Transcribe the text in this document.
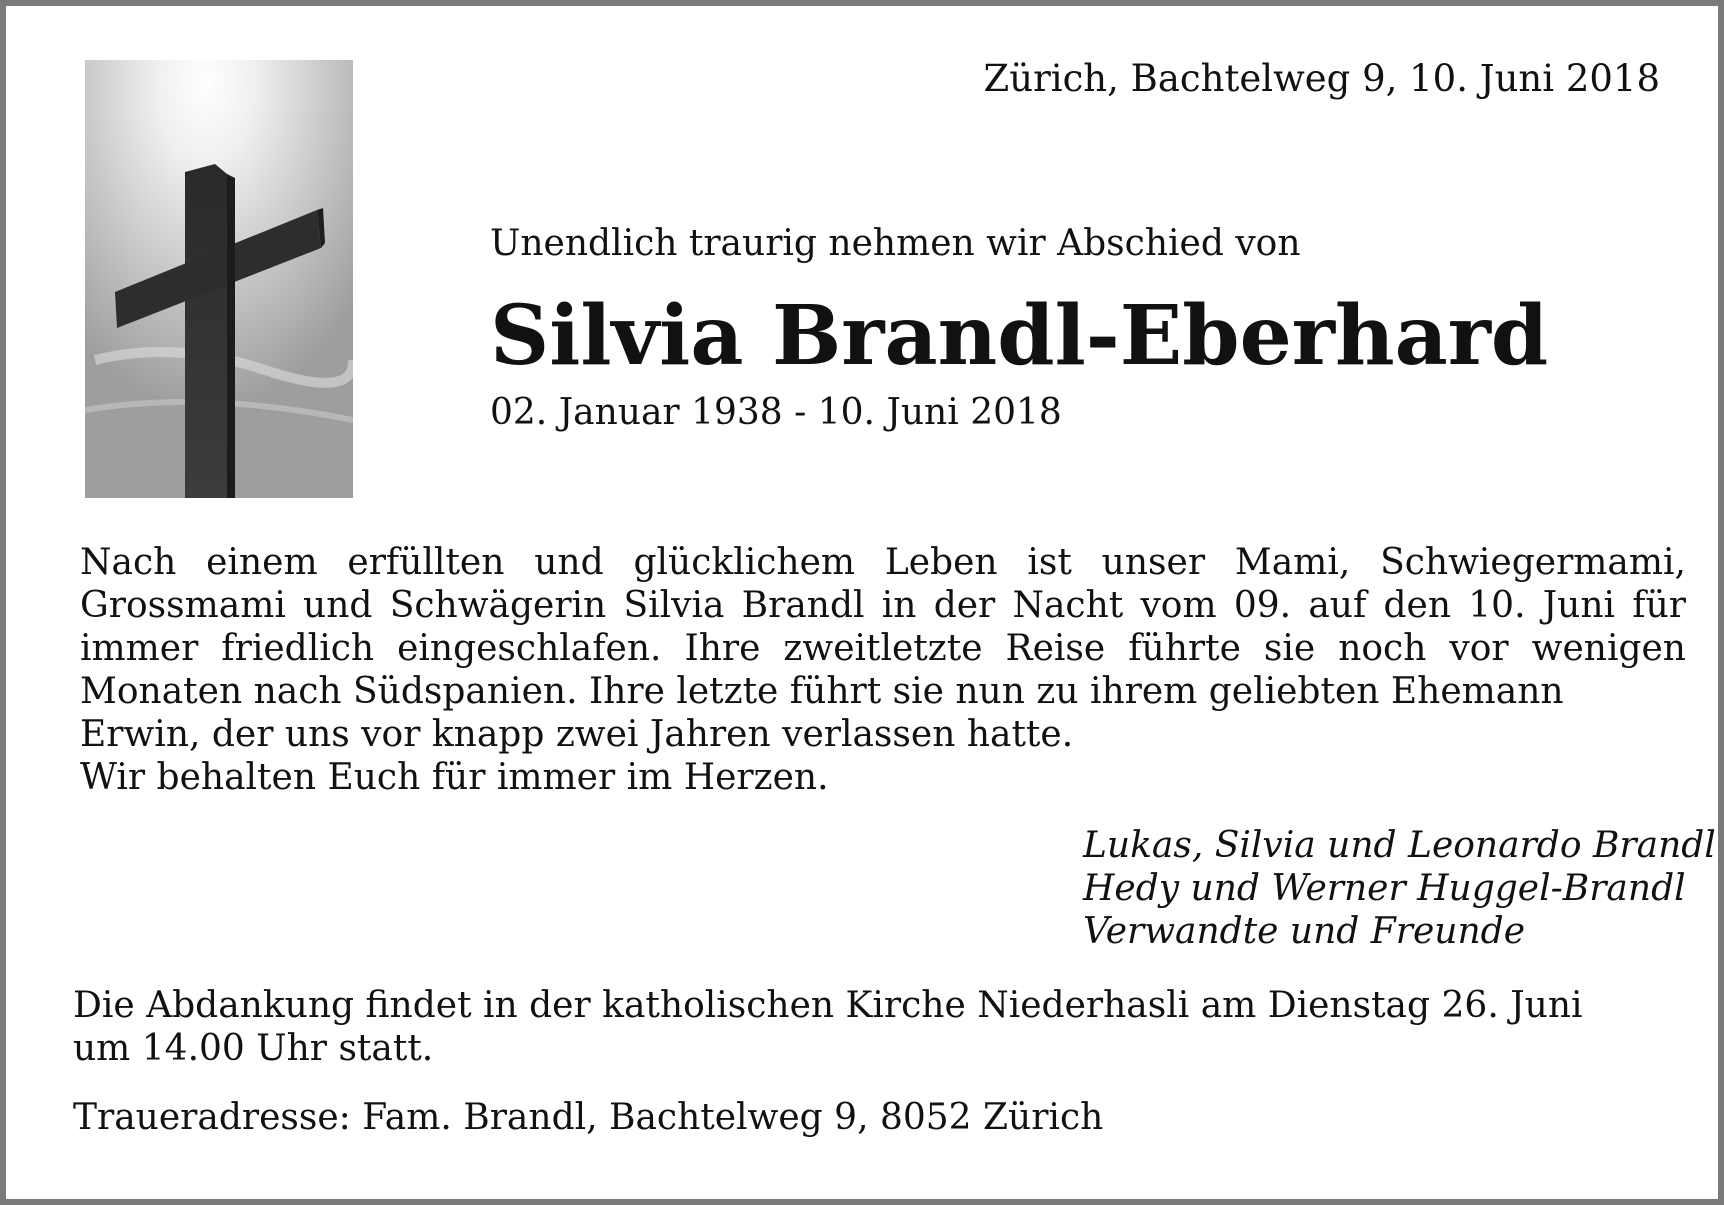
Zürich, Bachtelweg 9, 10. Juni 2018
Unendlich traurig nehmen wir Abschied von
Silvia Brandl-Eberhard
02. Januar 1938 - 10. Juni 2018
Nach einem erfüllten und glücklichem Leben ist unser Mami, Schwiegermami,
Grossmami und Schwägerin Silvia Brandl in der Nacht vom 09. auf den 10. Juni für
immer friedlich eingeschlafen. Ihre zweitletzte Reise führte sie noch vor wenigen
Monaten nach Südspanien. Ihre letzte führt sie nun zu ihrem geliebten Ehemann
Erwin, der uns vor knapp zwei Jahren verlassen hatte.
Wir behalten Euch für immer im Herzen.
Lukas, Silvia und Leonardo Brandl
Hedy und Werner Huggel-Brandl
Verwandte und Freunde
Die Abdankung findet in der katholischen Kirche Niederhasli am Dienstag 26. Juni
um 14.00 Uhr statt.
Traueradresse: Fam. Brandl, Bachtelweg 9, 8052 Zürich
